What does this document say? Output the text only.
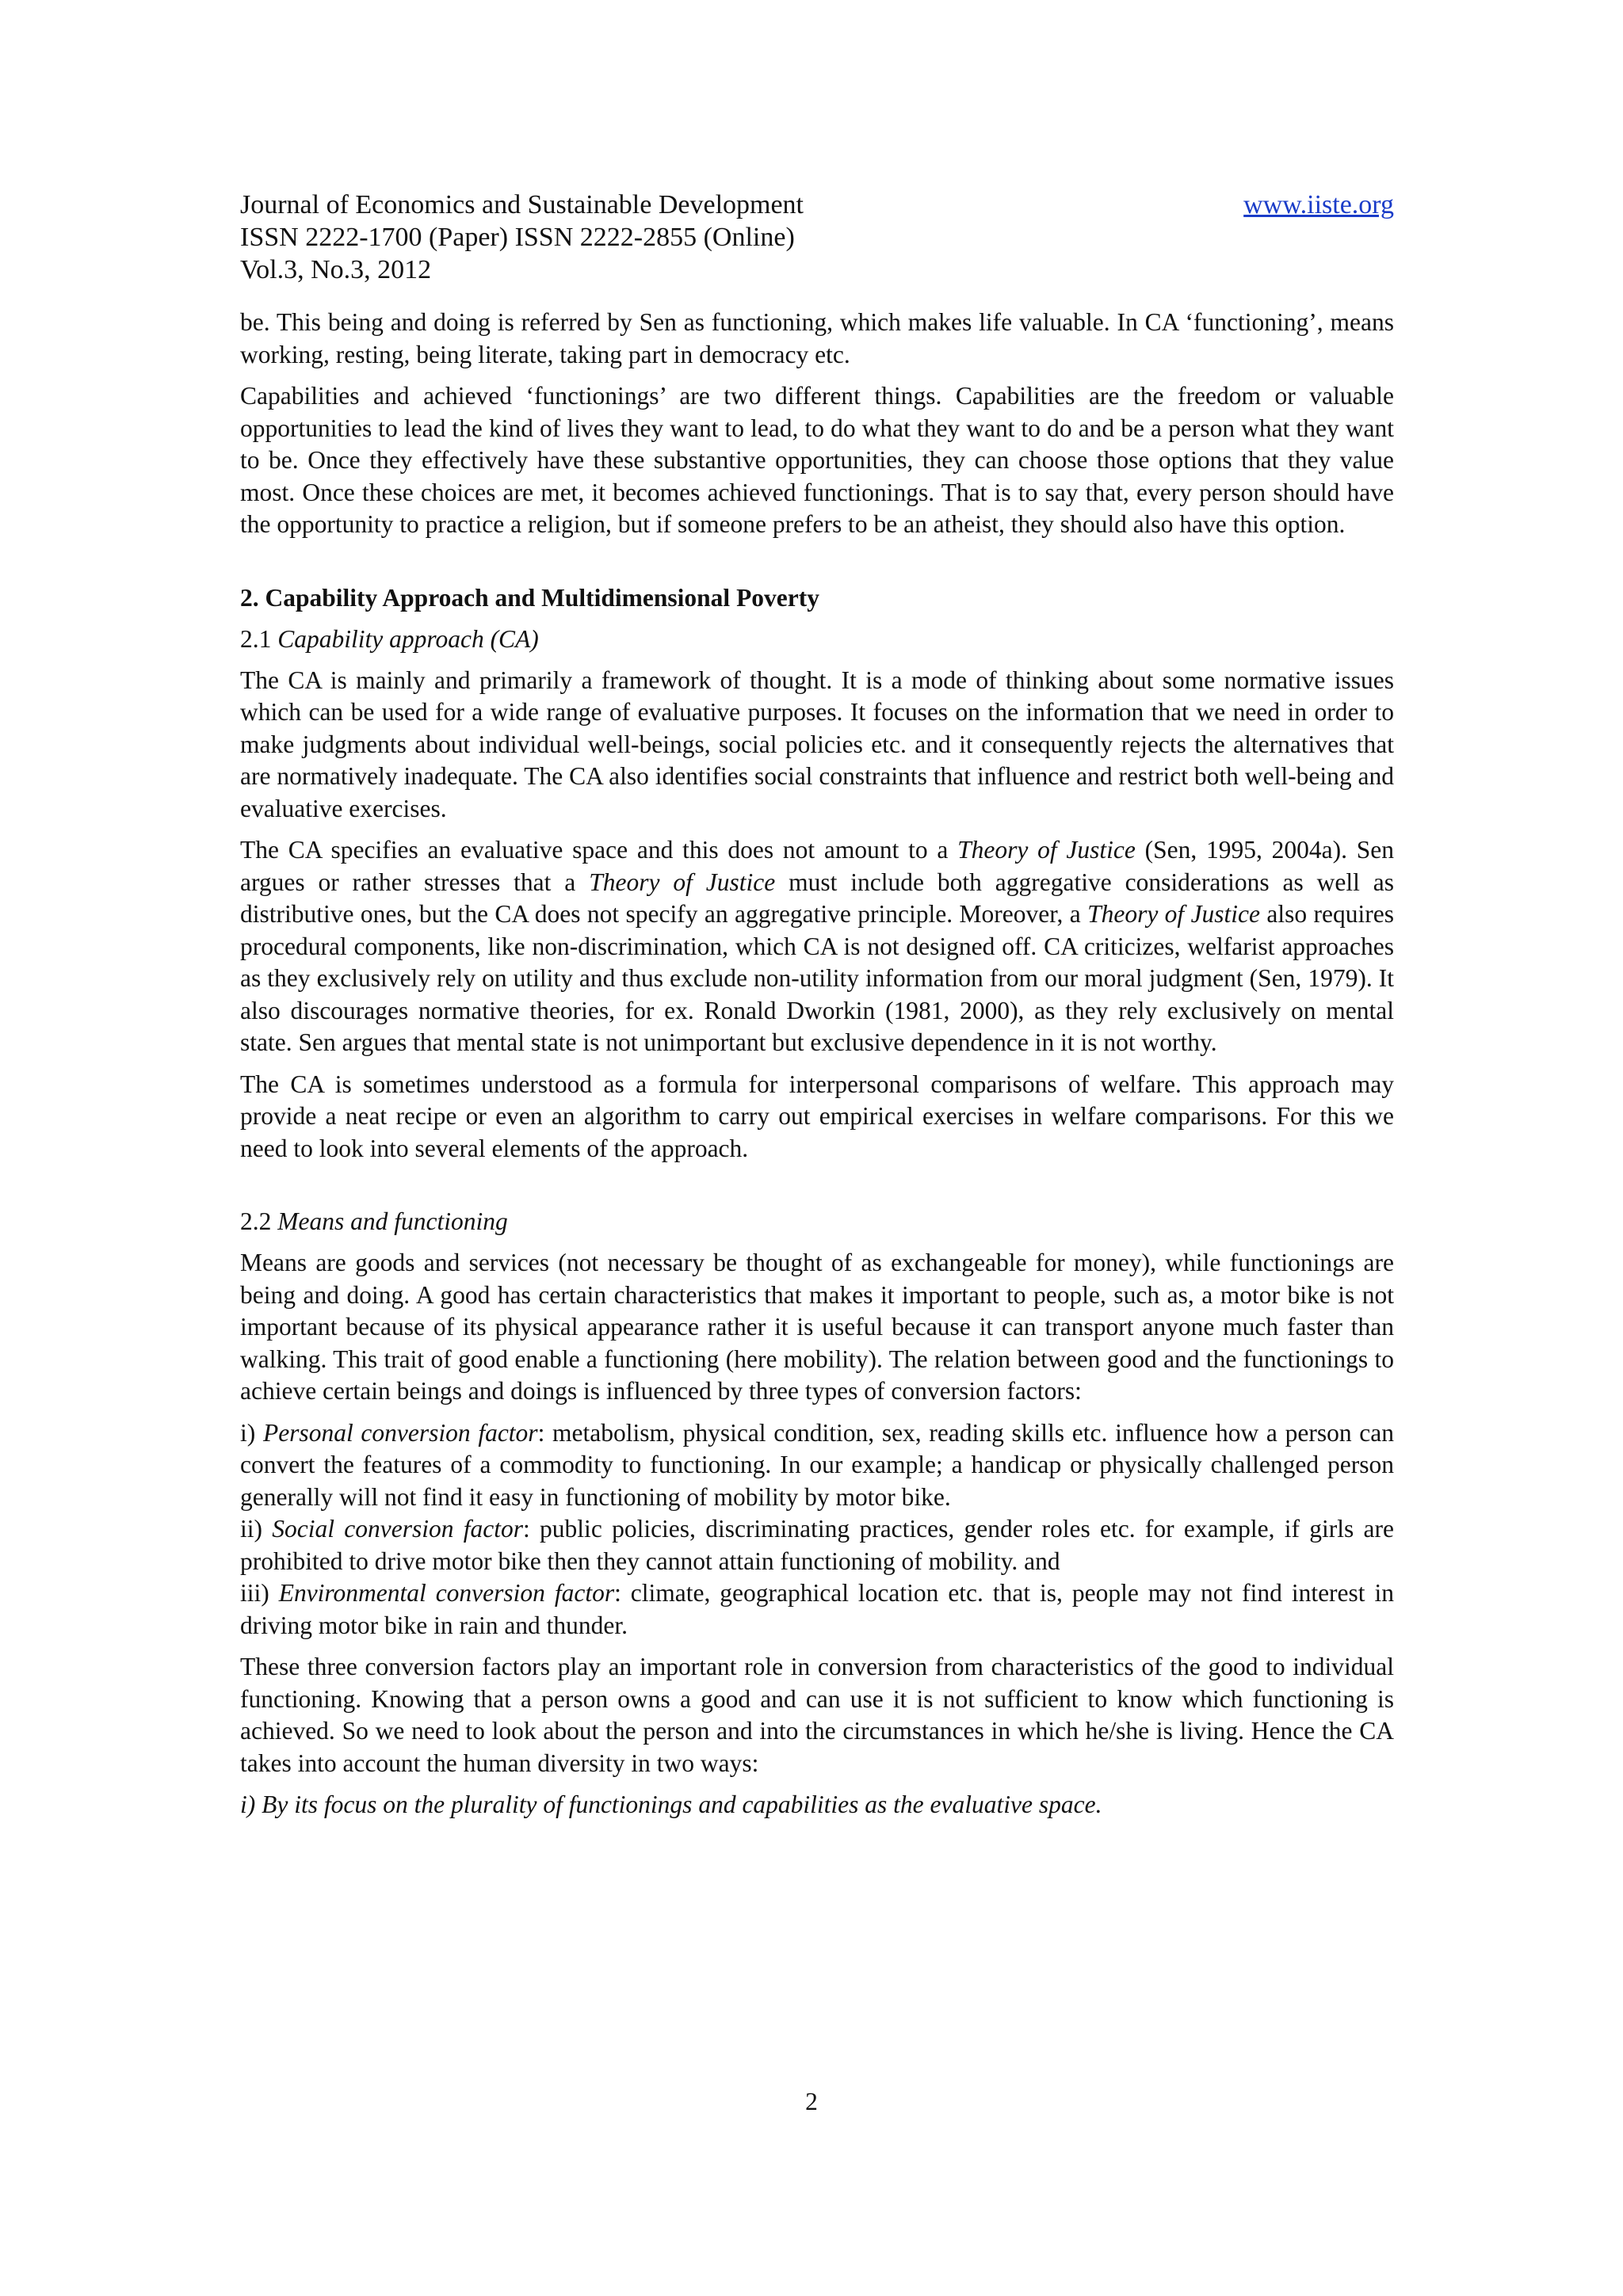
Journal of Economics and Sustainable Development
ISSN 2222-1700 (Paper) ISSN 2222-2855 (Online)
Vol.3, No.3, 2012
www.iiste.org

be. This being and doing is referred by Sen as functioning, which makes life valuable. In CA ‘functioning’, means working, resting, being literate, taking part in democracy etc.

Capabilities and achieved ‘functionings’ are two different things. Capabilities are the freedom or valuable opportunities to lead the kind of lives they want to lead, to do what they want to do and be a person what they want to be. Once they effectively have these substantive opportunities, they can choose those options that they value most. Once these choices are met, it becomes achieved functionings. That is to say that, every person should have the opportunity to practice a religion, but if someone prefers to be an atheist, they should also have this option.

2. Capability Approach and Multidimensional Poverty
2.1 Capability approach (CA)

The CA is mainly and primarily a framework of thought. It is a mode of thinking about some normative issues which can be used for a wide range of evaluative purposes. It focuses on the information that we need in order to make judgments about individual well-beings, social policies etc. and it consequently rejects the alternatives that are normatively inadequate. The CA also identifies social constraints that influence and restrict both well-being and evaluative exercises.

The CA specifies an evaluative space and this does not amount to a Theory of Justice (Sen, 1995, 2004a). Sen argues or rather stresses that a Theory of Justice must include both aggregative considerations as well as distributive ones, but the CA does not specify an aggregative principle. Moreover, a Theory of Justice also requires procedural components, like non-discrimination, which CA is not designed off. CA criticizes, welfarist approaches as they exclusively rely on utility and thus exclude non-utility information from our moral judgment (Sen, 1979). It also discourages normative theories, for ex. Ronald Dworkin (1981, 2000), as they rely exclusively on mental state. Sen argues that mental state is not unimportant but exclusive dependence in it is not worthy.

The CA is sometimes understood as a formula for interpersonal comparisons of welfare. This approach may provide a neat recipe or even an algorithm to carry out empirical exercises in welfare comparisons. For this we need to look into several elements of the approach.

2.2 Means and functioning

Means are goods and services (not necessary be thought of as exchangeable for money), while functionings are being and doing. A good has certain characteristics that makes it important to people, such as, a motor bike is not important because of its physical appearance rather it is useful because it can transport anyone much faster than walking. This trait of good enable a functioning (here mobility). The relation between good and the functionings to achieve certain beings and doings is influenced by three types of conversion factors:

i) Personal conversion factor: metabolism, physical condition, sex, reading skills etc. influence how a person can convert the features of a commodity to functioning. In our example; a handicap or physically challenged person generally will not find it easy in functioning of mobility by motor bike.

ii) Social conversion factor: public policies, discriminating practices, gender roles etc. for example, if girls are prohibited to drive motor bike then they cannot attain functioning of mobility. and

iii) Environmental conversion factor: climate, geographical location etc. that is, people may not find interest in driving motor bike in rain and thunder.

These three conversion factors play an important role in conversion from characteristics of the good to individual functioning. Knowing that a person owns a good and can use it is not sufficient to know which functioning is achieved. So we need to look about the person and into the circumstances in which he/she is living. Hence the CA takes into account the human diversity in two ways:

i) By its focus on the plurality of functionings and capabilities as the evaluative space.

2
